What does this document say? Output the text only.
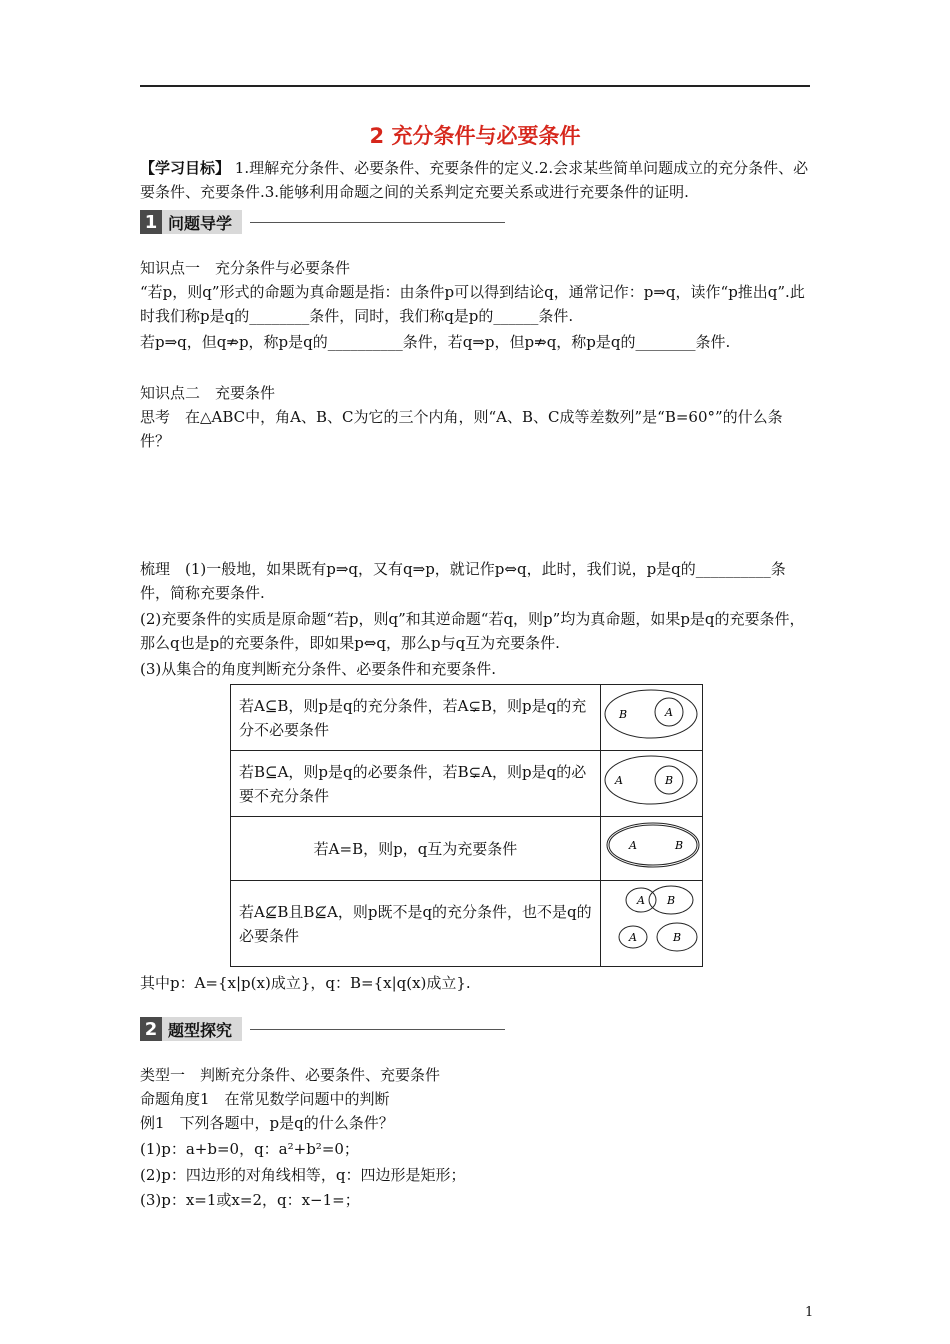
2 充分条件与必要条件
【学习目标】 1.理解充分条件、必要条件、充要条件的定义.2.会求某些简单问题成立的充分条件、必要条件、充要条件.3.能够利用命题之间的关系判定充要关系或进行充要条件的证明.
1 问题导学
知识点一　充分条件与必要条件
“若p，则q”形式的命题为真命题是指：由条件p可以得到结论q，通常记作：p⇒q，读作“p推出q”.此时我们称p是q的________条件，同时，我们称q是p的______条件.
若p⇒q，但q⇏p，称p是q的__________条件，若q⇒p，但p⇏q，称p是q的________条件.
知识点二　充要条件
思考　在△ABC中，角A、B、C为它的三个内角，则“A、B、C成等差数列”是“B=60°”的什么条件？
梳理　(1)一般地，如果既有p⇒q，又有q⇒p，就记作p⇔q，此时，我们说，p是q的__________条件，简称充要条件.
(2)充要条件的实质是原命题“若p，则q”和其逆命题“若q，则p”均为真命题，如果p是q的充要条件，那么q也是p的充要条件，即如果p⇔q，那么p与q互为充要条件.
(3)从集合的角度判断充分条件、必要条件和充要条件.
若A⊆B，则p是q的充分条件，若A⊊B，则p是q的充分不必要条件	B A

若B⊆A，则p是q的必要条件，若B⊊A，则p是q的必要不充分条件	A B

若A=B，则p，q互为充要条件	A B

若A⊈B且B⊈A，则p既不是q的充分条件，也不是q的必要条件	A B
A B
其中p：A={x|p(x)成立}，q：B={x|q(x)成立}.
2 题型探究
类型一　判断充分条件、必要条件、充要条件
命题角度1　在常见数学问题中的判断
例1　下列各题中，p是q的什么条件？
(1)p：a+b=0，q：a²+b²=0；
(2)p：四边形的对角线相等，q：四边形是矩形；
(3)p：x=1或x=2，q：x−1=；
1
